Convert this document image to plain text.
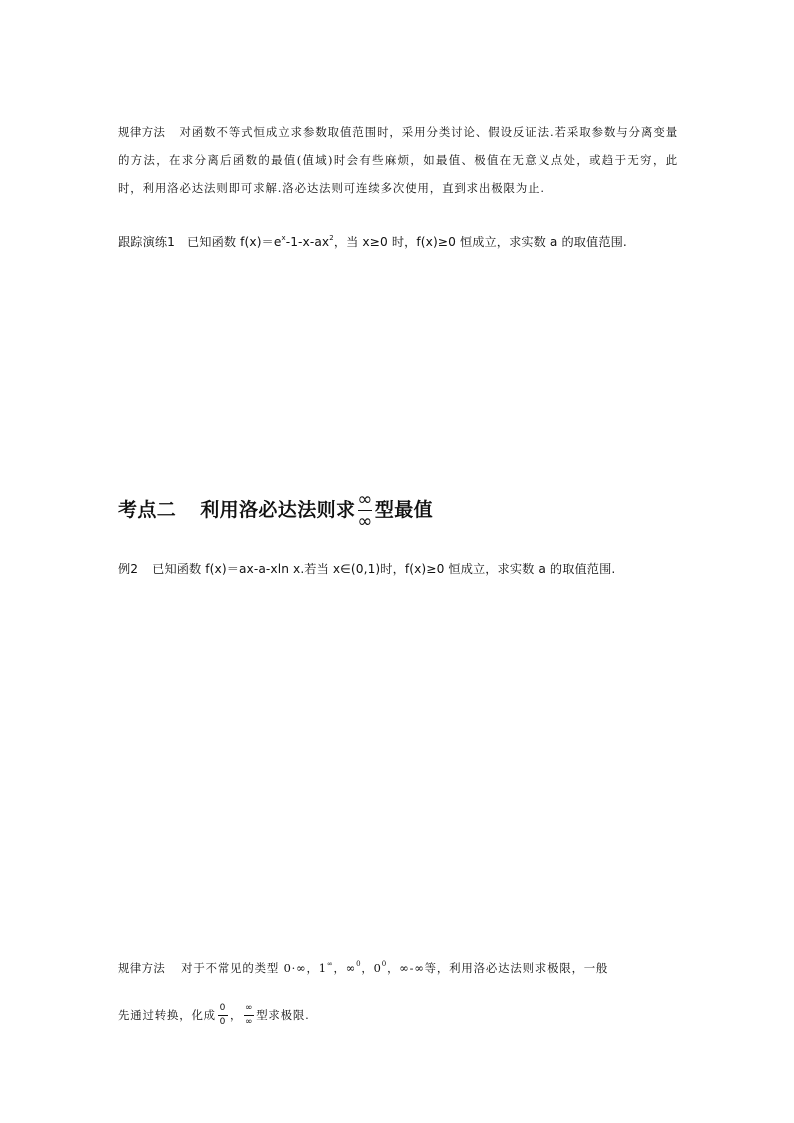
规律方法 对函数不等式恒成立求参数取值范围时，采用分类讨论、假设反证法.若采取参数与分离变量的方法，在求分离后函数的最值(值域)时会有些麻烦，如最值、极值在无意义点处，或趋于无穷，此时，利用洛必达法则即可求解.洛必达法则可连续多次使用，直到求出极限为止.
跟踪演练1 已知函数 $f(x)=e^x-1-x-ax^2$，当 x≥0 时，f(x)≥0 恒成立，求实数 a 的取值范围.
考点二 利用洛必达法则求 $\frac{\infty}{\infty}$ 型最值
例2 已知函数 f(x)＝ax-a-xln x.若当 x∈(0,1)时，f(x)≥0 恒成立，求实数 a 的取值范围.
规律方法 对于不常见的类型 0·∞，1∞，∞$^0$，$0^0$，∞-∞等，利用洛必达法则求极限，一般
先通过转换，化成 $\frac{0}{0}$ ， $\frac{\infty}{\infty}$ 型求极限.
